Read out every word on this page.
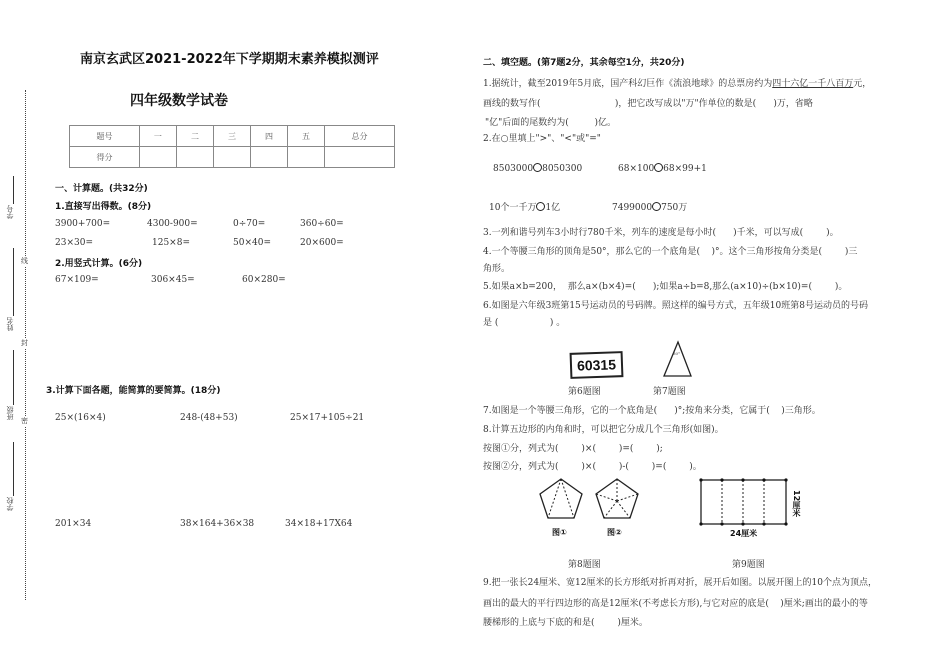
南京玄武区2021-2022年下学期期末素养模拟测评
四年级数学试卷
题号	一	二	三	四	五	总分
得分						
学号
姓名
班级
学校
线
封
密
一、计算题。(共32分)
1.直接写出得数。(8分)
3900+700=	4300-900=	0÷70=	360÷60=
23×30=	125×8=	50×40=	20×600=
2.用竖式计算。(6分)
67×109=	306×45=	60×280=
3.计算下面各题，能简算的要简算。(18分)
25×(16×4)	248-(48+53)	25×17+105÷21
201×34	38×164+36×38	34×18+17X64
二、填空题。(第7题2分，其余每空1分，共20分)
1.据统计，截至2019年5月底，国产科幻巨作《流浪地球》的总票房约为四十六亿一千八百万元，
画线的数写作(                          )，把它改写成以"万"作单位的数是(      )万，省略
"亿"后面的尾数约为(         )亿。
2.在○里填上">"、"<"或"="
8503000 8050300	68×100 68×99+1
10个一千万 1亿	7499000 750万
3.一列和谐号列车3小时行780千米，列车的速度是每小时(      )千米，可以写成(        )。
4.一个等腰三角形的顶角是50°，那么它的一个底角是(    )°。这个三角形按角分类是(        )三
角形。
5.如果a×b=200，  那么a×(b×4)=(      );如果a÷b=8,那么(a×10)÷(b×10)=(        )。
6.如图是六年级3班第15号运动员的号码牌。照这样的编号方式，五年级10班第8号运动员的号码
是 (                  ) 。
60315
80°
第6题图	第7题图
7.如图是一个等腰三角形，它的一个底角是(      )°;按角来分类，它属于(    )三角形。
8.计算五边形的内角和时，可以把它分成几个三角形(如图)。
按图①分，列式为(        )×(        )=(        );
按图②分，列式为(        )×(        )-(        )=(        )。
图①	图②	24厘米
12厘米
第8题图	第9题图
9.把一张长24厘米、宽12厘米的长方形纸对折再对折，展开后如图。以展开图上的10个点为顶点，
画出的最大的平行四边形的高是12厘米(不考虑长方形),与它对应的底是(    )厘米;画出的最小的等
腰梯形的上底与下底的和是(        )厘米。
